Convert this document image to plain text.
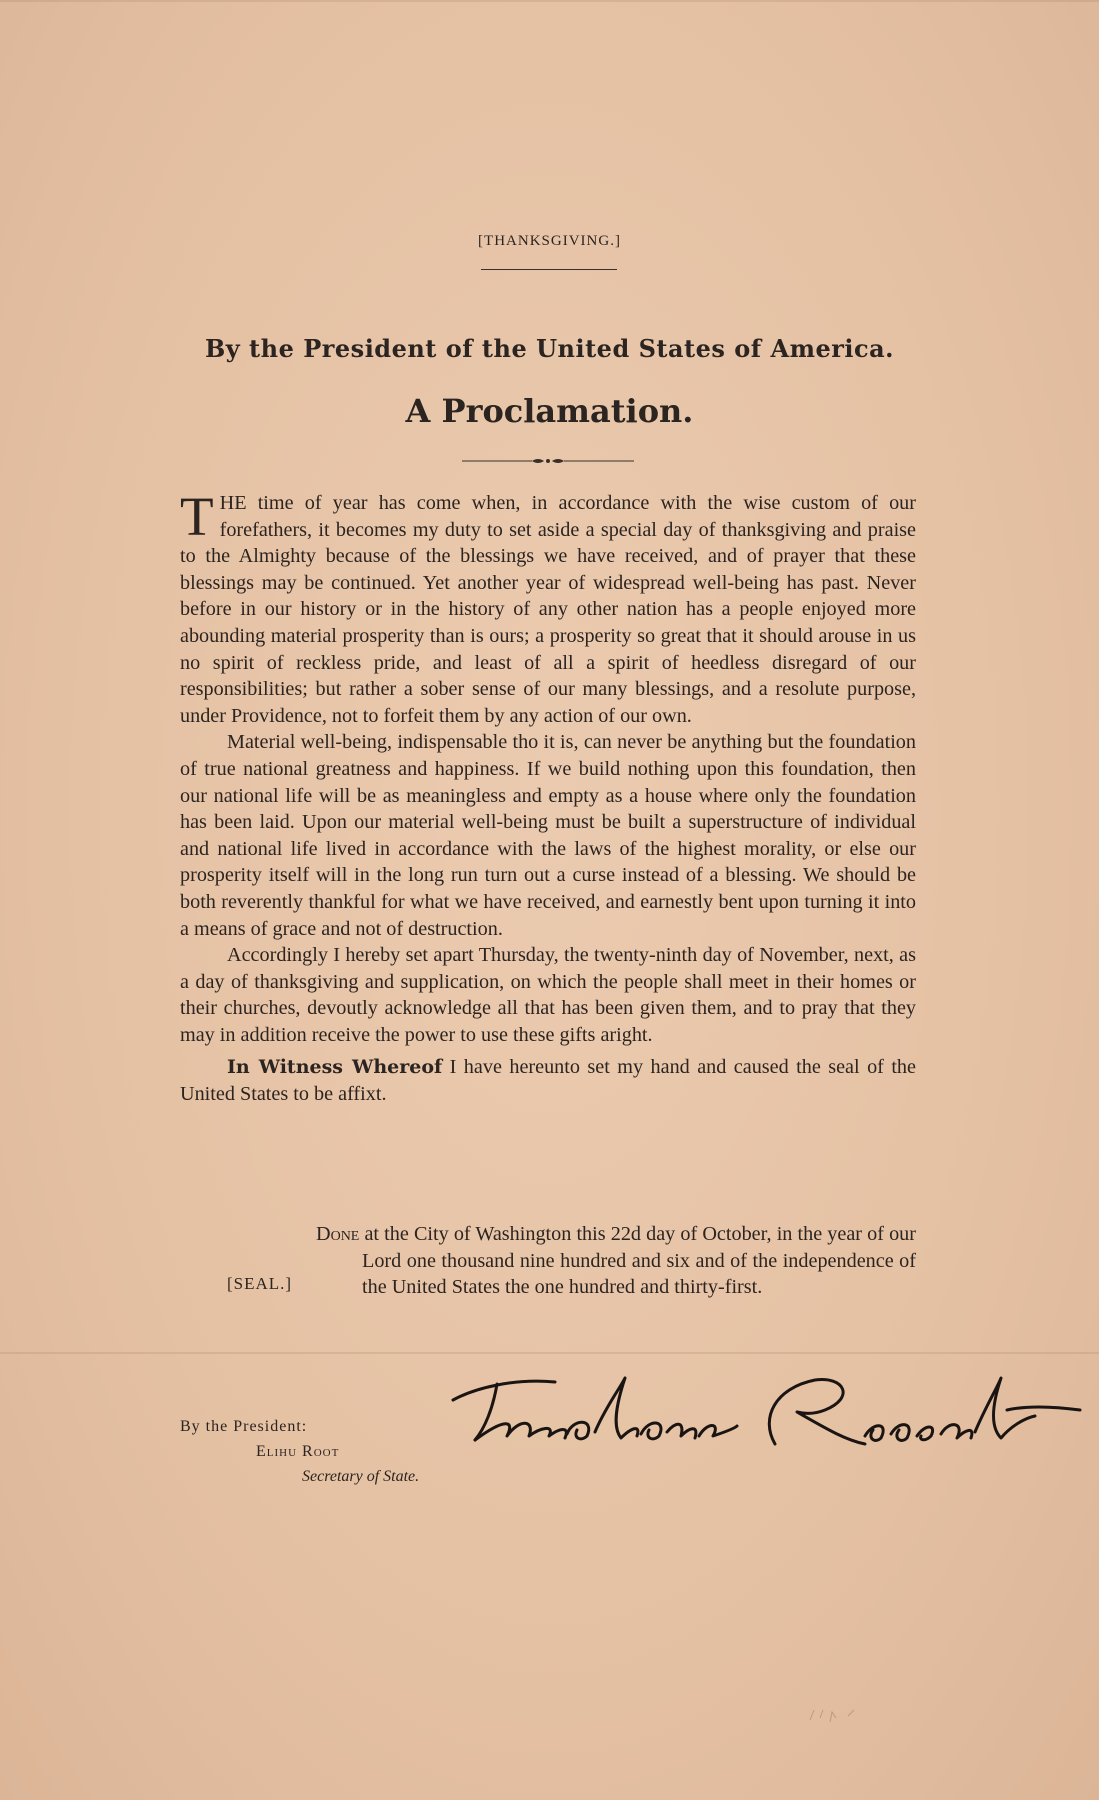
[THANKSGIVING.]
By the President of the United States of America.
A Proclamation.

THE time of year has come when, in accordance with the wise custom of our forefathers, it becomes my duty to set aside a special day of thanksgiving and praise to the Almighty because of the blessings we have received, and of prayer that these blessings may be continued. Yet another year of widespread well-being has past. Never before in our history or in the history of any other nation has a people enjoyed more abounding material prosperity than is ours; a prosperity so great that it should arouse in us no spirit of reckless pride, and least of all a spirit of heedless disregard of our responsibilities; but rather a sober sense of our many blessings, and a resolute purpose, under Providence, not to forfeit them by any action of our own.

Material well-being, indispensable tho it is, can never be anything but the foundation of true national greatness and happiness. If we build nothing upon this foundation, then our national life will be as meaningless and empty as a house where only the foundation has been laid. Upon our material well-being must be built a superstructure of individual and national life lived in accordance with the laws of the highest morality, or else our prosperity itself will in the long run turn out a curse instead of a blessing. We should be both reverently thankful for what we have received, and earnestly bent upon turning it into a means of grace and not of destruction.

Accordingly I hereby set apart Thursday, the twenty-ninth day of November, next, as a day of thanksgiving and supplication, on which the people shall meet in their homes or their churches, devoutly acknowledge all that has been given them, and to pray that they may in addition receive the power to use these gifts aright.

In Witness Whereof I have hereunto set my hand and caused the seal of the United States to be affixt.

Done at the City of Washington this 22d day of October, in the year of our Lord one thousand nine hundred and six and of the independence of the United States the one hundred and thirty-first.

[SEAL.]
By the President:
Elihu Root
Secretary of State.
